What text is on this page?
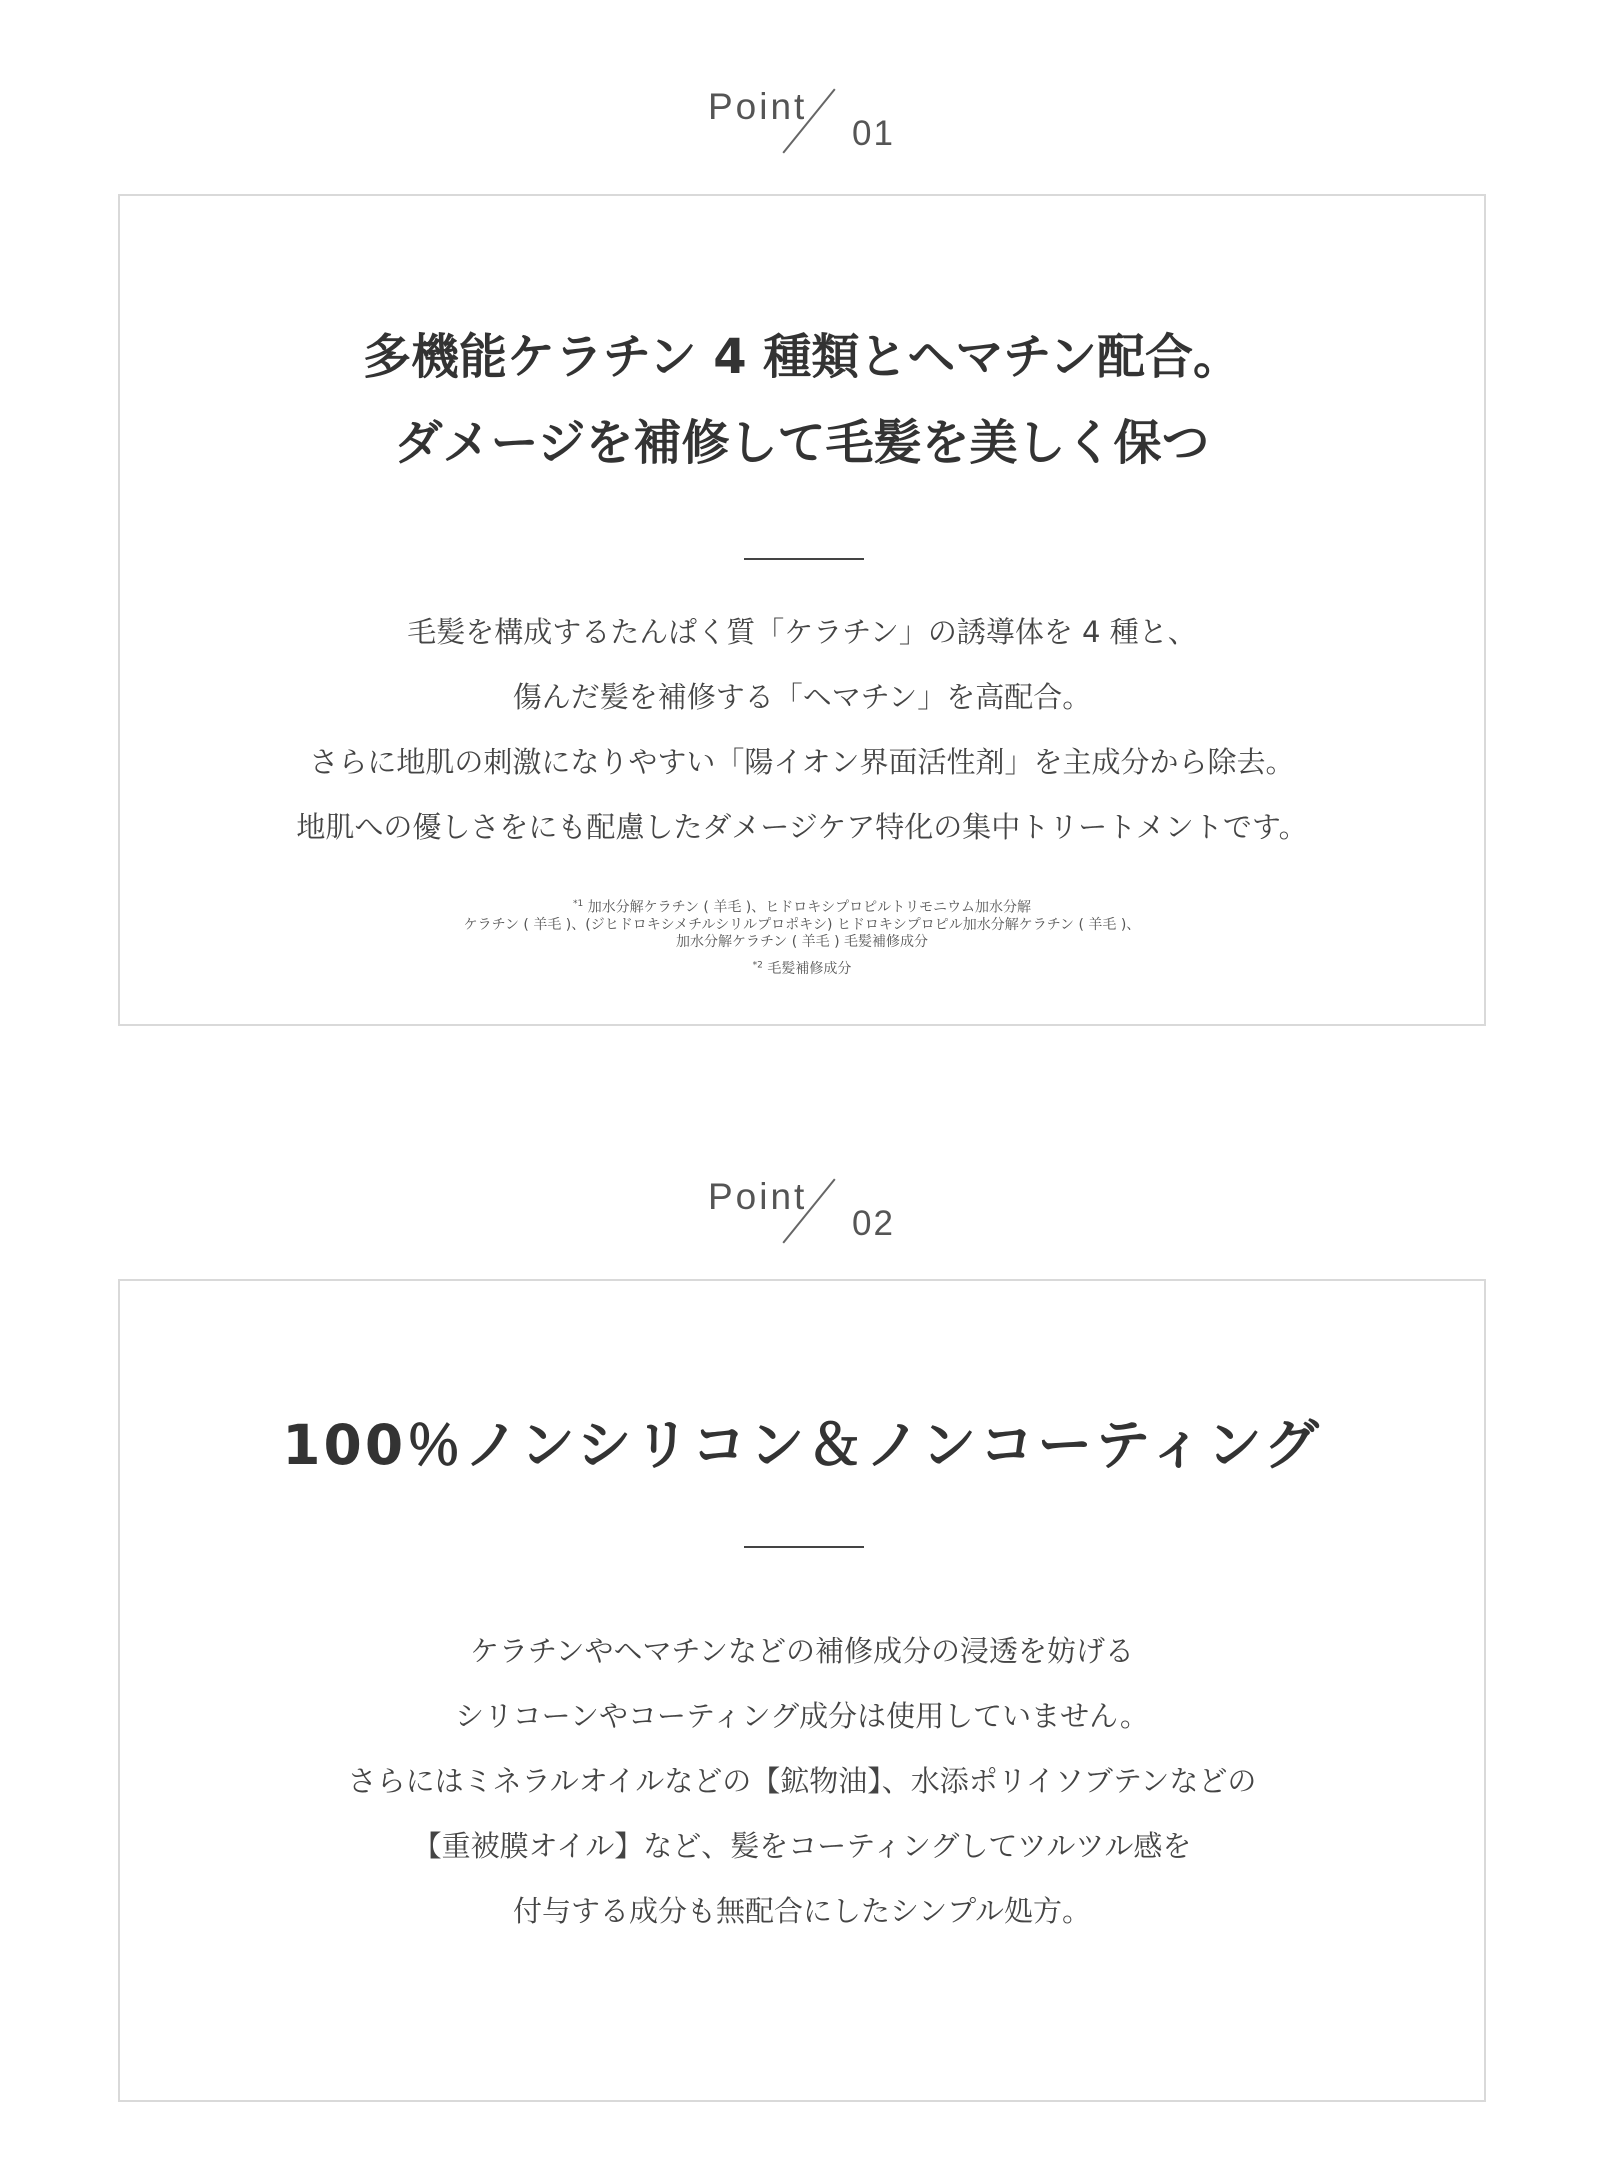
Point
01
多機能ケラチン 4 種類とヘマチン配合。
ダメージを補修して毛髪を美しく保つ

毛髪を構成するたんぱく質「ケラチン」の誘導体を 4 種と、
傷んだ髪を補修する「ヘマチン」を高配合。
さらに地肌の刺激になりやすい「陽イオン界面活性剤」を主成分から除去。
地肌への優しさをにも配慮したダメージケア特化の集中トリートメントです。

$^{*1}$ 加水分解ケラチン ( 羊毛 )、ヒドロキシプロピルトリモニウム加水分解
ケラチン ( 羊毛 )、(ジヒドロキシメチルシリルプロポキシ) ヒドロキシプロピル加水分解ケラチン ( 羊毛 )、
加水分解ケラチン ( 羊毛 ) 毛髪補修成分
$^{*2}$ 毛髪補修成分
Point
02
100％ノンシリコン＆ノンコーティング

ケラチンやヘマチンなどの補修成分の浸透を妨げる
シリコーンやコーティング成分は使用していません。
さらにはミネラルオイルなどの【鉱物油】、水添ポリイソブテンなどの
【重被膜オイル】など、髪をコーティングしてツルツル感を
付与する成分も無配合にしたシンプル処方。
